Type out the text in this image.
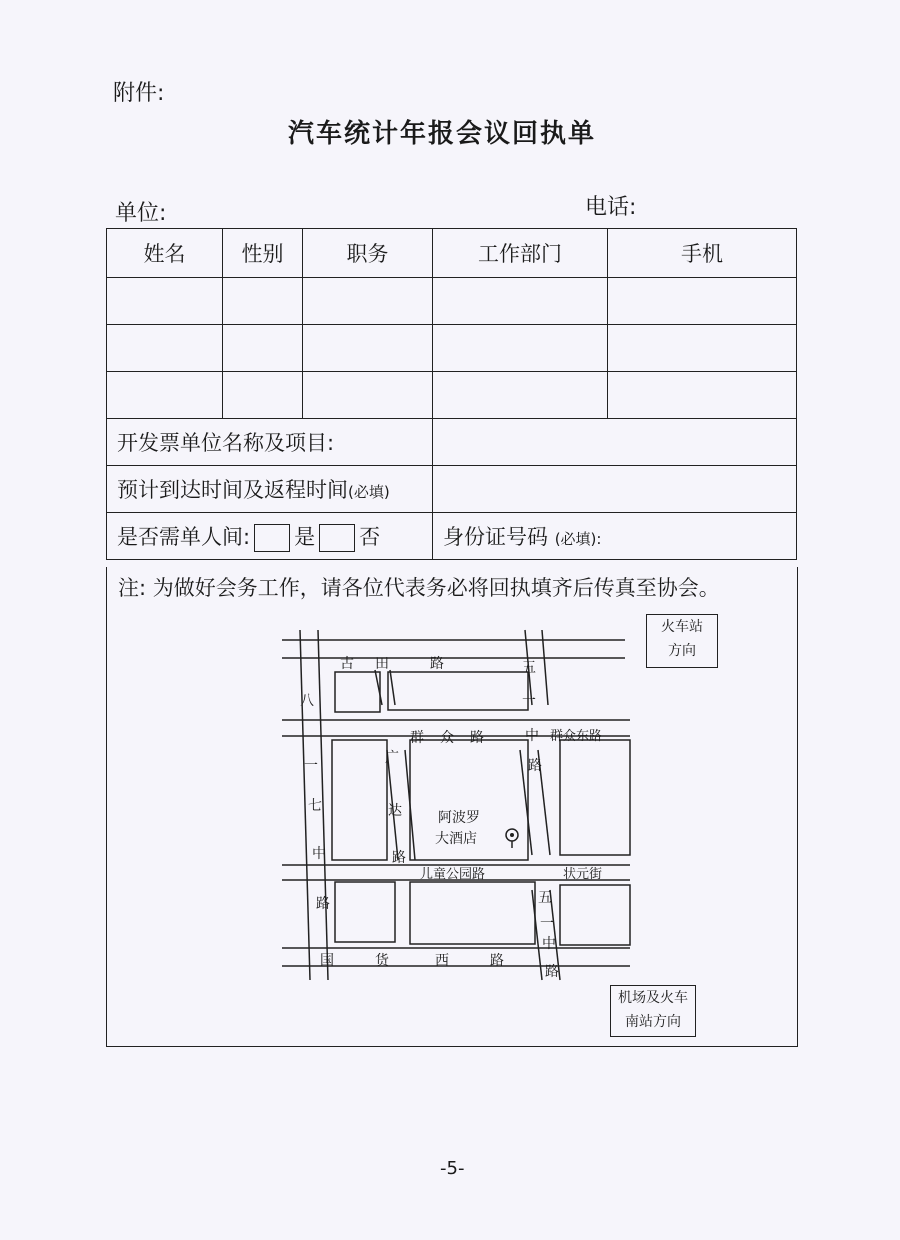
附件:
汽车统计年报会议回执单
单位:	电话:
姓名	性别	职务	工作部门	手机

开发票单位名称及项目:				
预计到达时间及返程时间(必填)				
是否需单人间: 是 否			身份证号码 (必填):	
注: 为做好会务工作，请各位代表务必将回执填齐后传真至协会。
古 田	路
群 众 路	群众东路
五
一
中
路
八
一
七
中
路
广
达
路
儿童公园路	状元街
五
一
中
路
国	货	西	路
阿波罗
大酒店
火车站
方向
机场及火车
南站方向
-5-
